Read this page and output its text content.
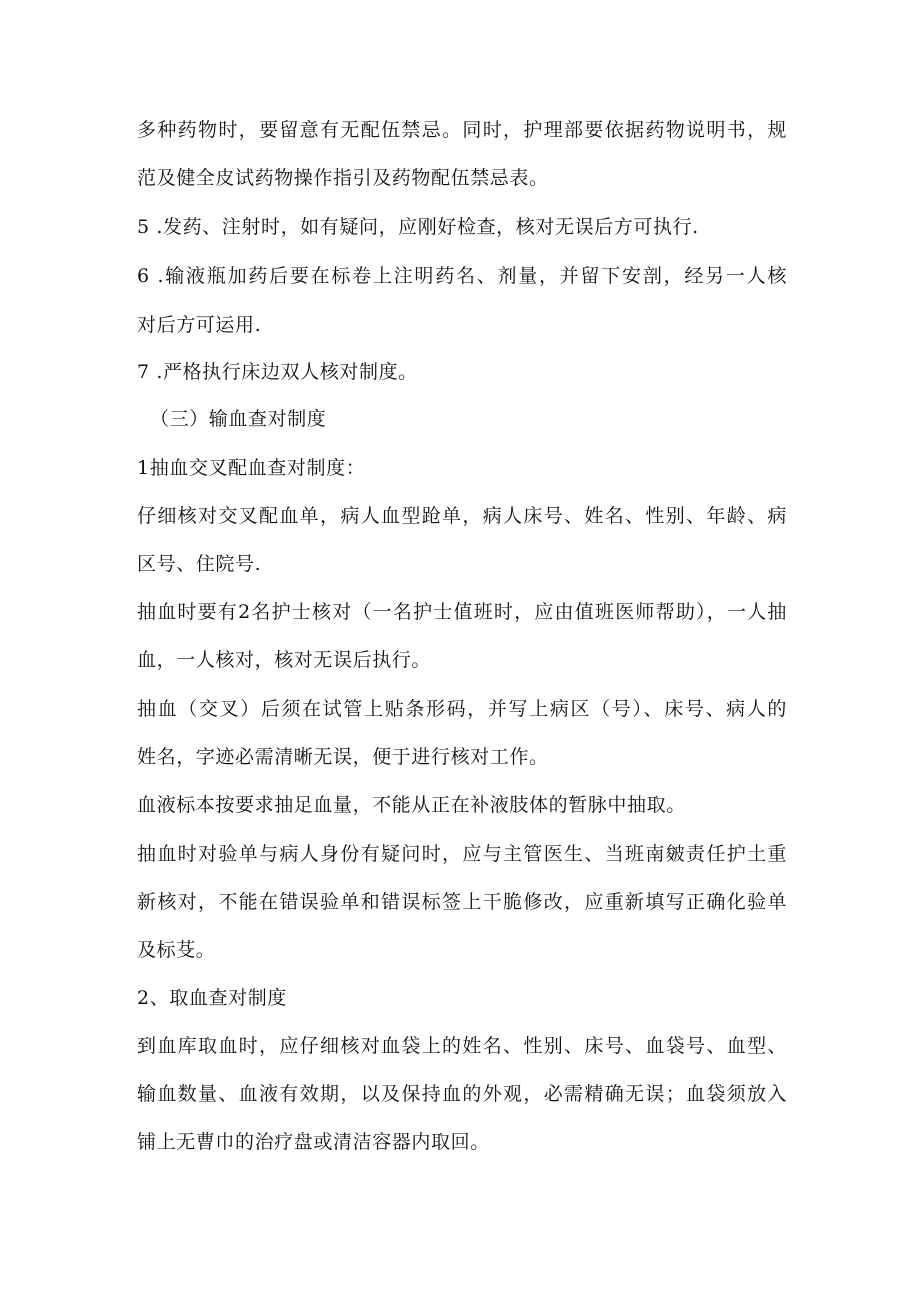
多种药物时，要留意有无配伍禁忌。同时，护理部要依据药物说明书，规
范及健全皮试药物操作指引及药物配伍禁忌表。
5 .发药、注射时，如有疑问，应刚好检查，核对无误后方可执行.
6 .输液瓶加药后要在标卷上注明药名、剂量，并留下安剖，经另一人核
对后方可运用.
7 .严格执行床边双人核对制度。
（三）输血查对制度
1抽血交叉配血查对制度：
仔细核对交叉配血单，病人血型跄单，病人床号、姓名、性别、年龄、病
区号、住院号.
抽血时要有2名护士核对（一名护士值班时，应由值班医师帮助），一人抽
血，一人核对，核对无误后执行。
抽血（交叉）后须在试管上贴条形码，并写上病区（号）、床号、病人的
姓名，字迹必需清晰无误，便于进行核对工作。
血液标本按要求抽足血量，不能从正在补液肢体的暂脉中抽取。
抽血时对验单与病人身份有疑问时，应与主管医生、当班南皴责任护土重
新核对，不能在错误验单和错误标签上干脆修改，应重新填写正确化验单
及标芟。
2、取血查对制度
到血库取血时，应仔细核对血袋上的姓名、性别、床号、血袋号、血型、
输血数量、血液有效期，以及保持血的外观，必需精确无误；血袋须放入
铺上无曹巾的治疗盘或清洁容器内取回。
